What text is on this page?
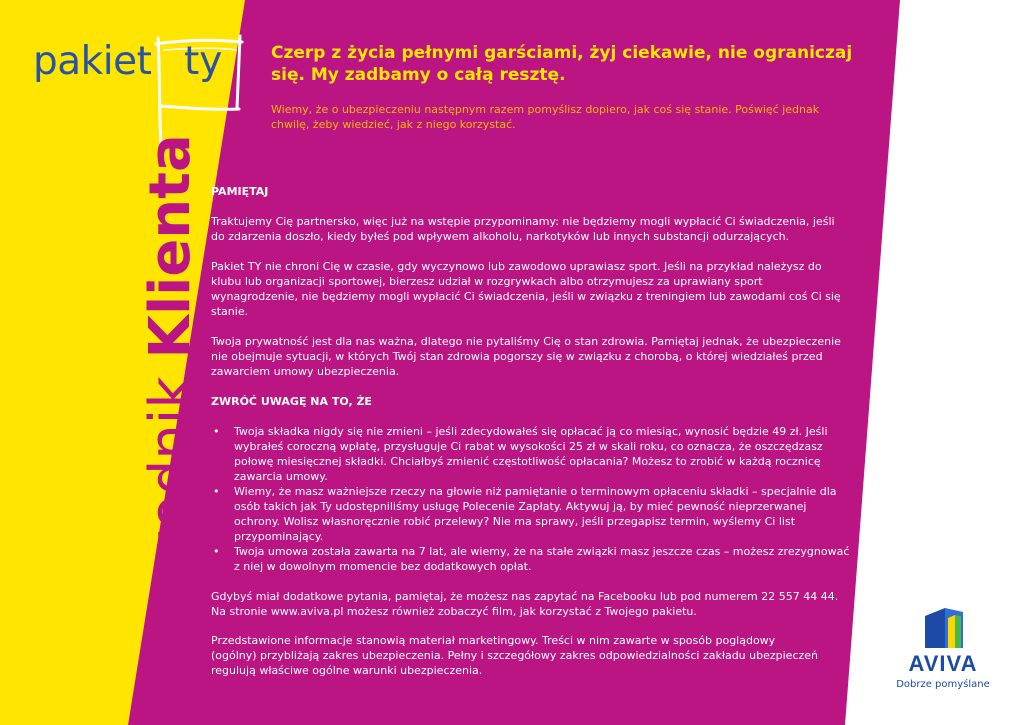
pakiet ty
Przewodnik Klienta

Czerp z życia pełnymi garściami, żyj ciekawie, nie ograniczaj się. My zadbamy o całą resztę.

Wiemy, że o ubezpieczeniu następnym razem pomyślisz dopiero, jak coś się stanie. Poświęć jednak chwilę, żeby wiedzieć, jak z niego korzystać.

PAMIĘTAJ

Traktujemy Cię partnersko, więc już na wstępie przypominamy: nie będziemy mogli wypłacić Ci świadczenia, jeśli do zdarzenia doszło, kiedy byłeś pod wpływem alkoholu, narkotyków lub innych substancji odurzających.

Pakiet TY nie chroni Cię w czasie, gdy wyczynowo lub zawodowo uprawiasz sport. Jeśli na przykład należysz do klubu lub organizacji sportowej, bierzesz udział w rozgrywkach albo otrzymujesz za uprawiany sport wynagrodzenie, nie będziemy mogli wypłacić Ci świadczenia, jeśli w związku z treningiem lub zawodami coś Ci się stanie.

Twoja prywatność jest dla nas ważna, dlatego nie pytaliśmy Cię o stan zdrowia. Pamiętaj jednak, że ubezpieczenie nie obejmuje sytuacji, w których Twój stan zdrowia pogorszy się w związku z chorobą, o której wiedziałeś przed zawarciem umowy ubezpieczenia.

ZWRÓĆ UWAGĘ NA TO, ŻE
• Twoja składka nigdy się nie zmieni – jeśli zdecydowałeś się opłacać ją co miesiąc, wynosić będzie 49 zł. Jeśli wybrałeś coroczną wpłatę, przysługuje Ci rabat w wysokości 25 zł w skali roku, co oznacza, że oszczędzasz połowę miesięcznej składki. Chciałbyś zmienić częstotliwość opłacania? Możesz to zrobić w każdą rocznicę zawarcia umowy.
• Wiemy, że masz ważniejsze rzeczy na głowie niż pamiętanie o terminowym opłaceniu składki – specjalnie dla osób takich jak Ty udostępniliśmy usługę Polecenie Zapłaty. Aktywuj ją, by mieć pewność nieprzerwanej ochrony. Wolisz własnoręcznie robić przelewy? Nie ma sprawy, jeśli przegapisz termin, wyślemy Ci list przypominający.
• Twoja umowa została zawarta na 7 lat, ale wiemy, że na stałe związki masz jeszcze czas – możesz zrezygnować z niej w dowolnym momencie bez dodatkowych opłat.

Gdybyś miał dodatkowe pytania, pamiętaj, że możesz nas zapytać na Facebooku lub pod numerem 22 557 44 44. Na stronie www.aviva.pl możesz również zobaczyć film, jak korzystać z Twojego pakietu.

Przedstawione informacje stanowią materiał marketingowy. Treści w nim zawarte w sposób poglądowy (ogólny) przybliżają zakres ubezpieczenia. Pełny i szczegółowy zakres odpowiedzialności zakładu ubezpieczeń regulują właściwe ogólne warunki ubezpieczenia.	AVIVA
Dobrze pomyślane
